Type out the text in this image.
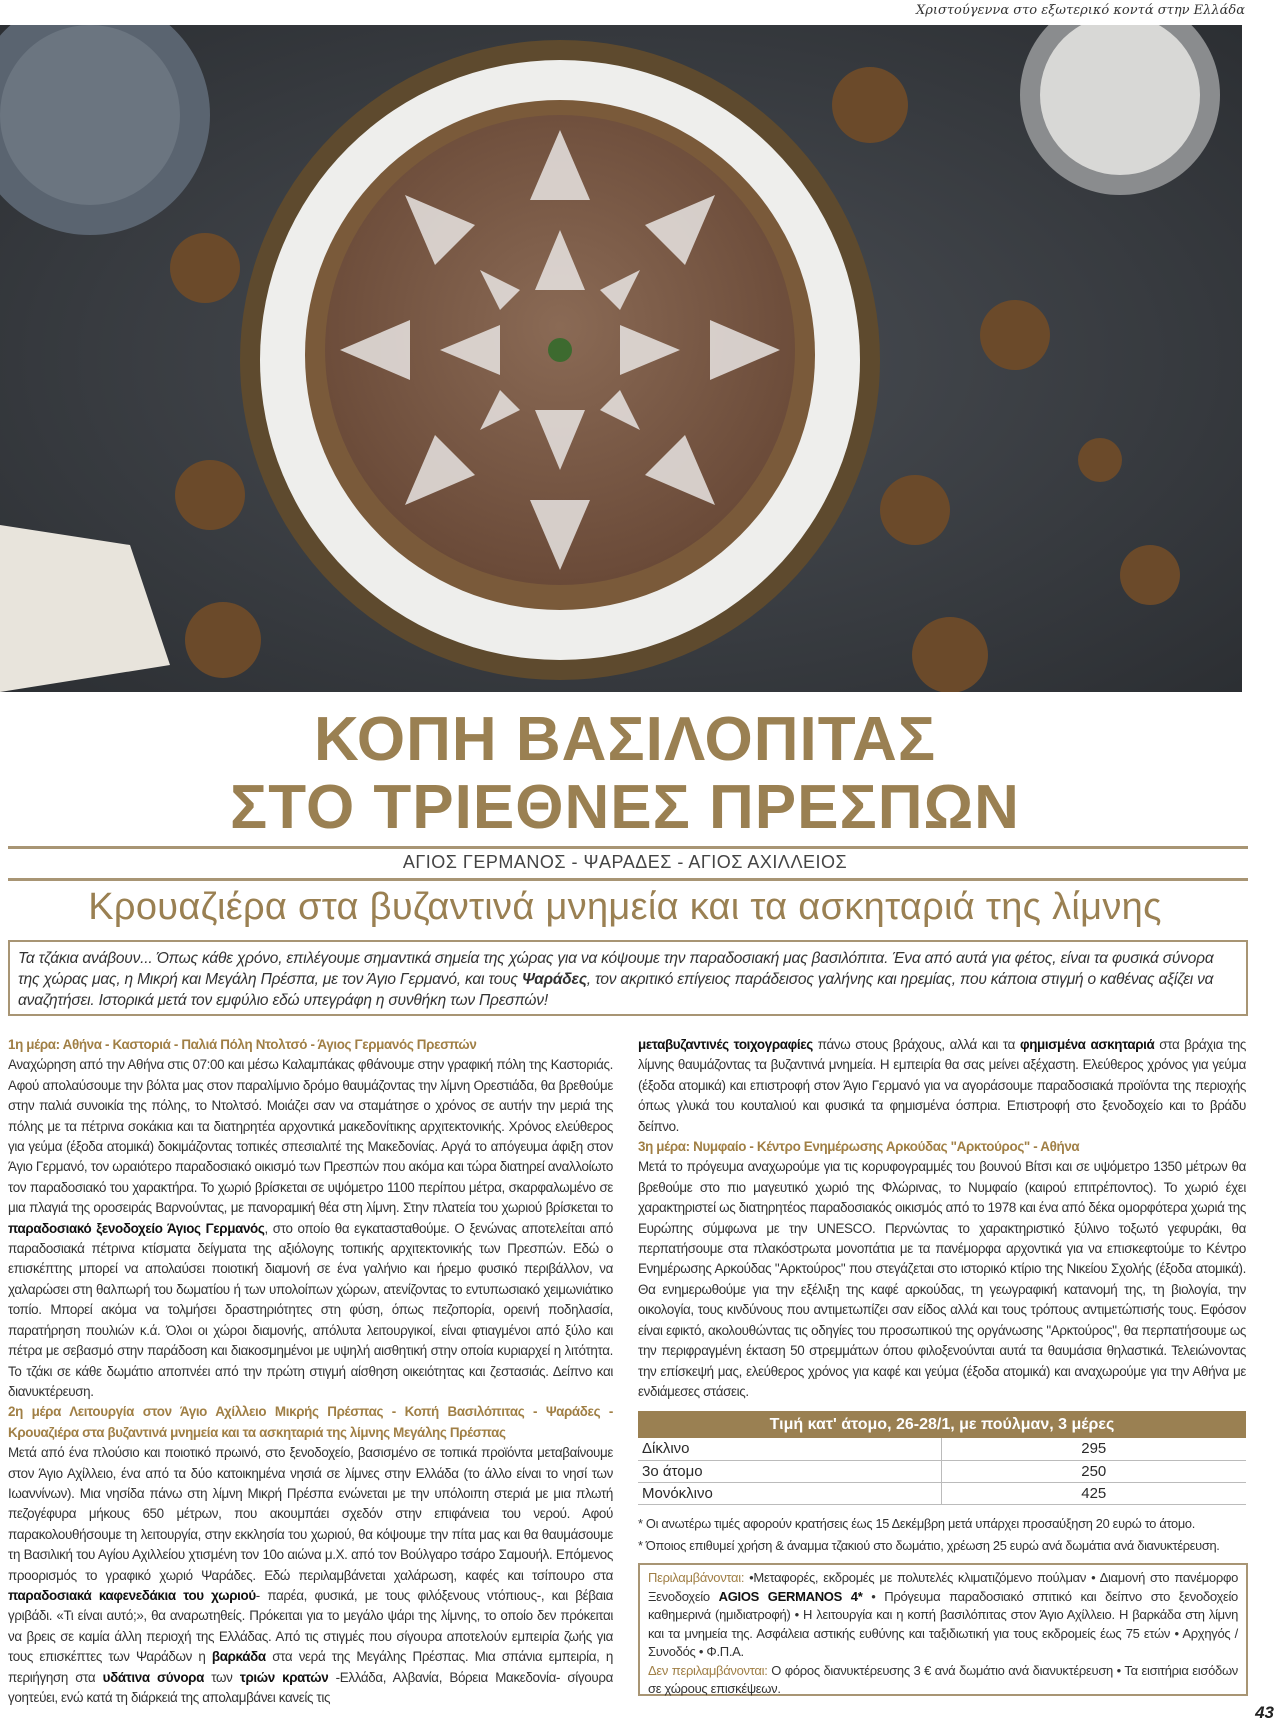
Χριστούγεννα στο εξωτερικό κοντά στην Ελλάδα
ΚΟΠΗ ΒΑΣΙΛΟΠΙΤΑΣ
ΣΤΟ ΤΡΙΕΘΝΕΣ ΠΡΕΣΠΩΝ
ΑΓΙΟΣ ΓΕΡΜΑΝΟΣ - ΨΑΡΑΔΕΣ - ΑΓΙΟΣ ΑΧΙΛΛΕΙΟΣ
Κρουαζιέρα στα βυζαντινά μνημεία και τα ασκηταριά της λίμνης
Τα τζάκια ανάβουν... Όπως κάθε χρόνο, επιλέγουμε σημαντικά σημεία της χώρας για να κόψουμε την παραδοσιακή μας βασιλόπιτα. Ένα από αυτά για φέτος, είναι τα φυσικά σύνορα της χώρας μας, η Μικρή και Μεγάλη Πρέσπα, με τον Άγιο Γερμανό, και τους Ψαράδες, τον ακριτικό επίγειος παράδεισος γαλήνης και ηρεμίας, που κάποια στιγμή ο καθένας αξίζει να αναζητήσει. Ιστορικά μετά τον εμφύλιο εδώ υπεγράφη η συνθήκη των Πρεσπών!
1η μέρα: Αθήνα - Καστοριά - Παλιά Πόλη Ντολτσό - Άγιος Γερμανός Πρεσπών
Αναχώρηση από την Αθήνα στις 07:00 και μέσω Καλαμπάκας φθάνουμε στην γραφική πόλη της Καστοριάς. Αφού απολαύσουμε την βόλτα μας στον παραλίμνιο δρόμο θαυμάζοντας την λίμνη Ορεστιάδα, θα βρεθούμε στην παλιά συνοικία της πόλης, το Ντολτσό. Μοιάζει σαν να σταμάτησε ο χρόνος σε αυτήν την μεριά της πόλης με τα πέτρινα σοκάκια και τα διατηρητέα αρχοντικά μακεδονίτικης αρχιτεκτονικής. Χρόνος ελεύθερος για γεύμα (έξοδα ατομικά) δοκιμάζοντας τοπικές σπεσιαλιτέ της Μακεδονίας. Αργά το απόγευμα άφιξη στον Άγιο Γερμανό, τον ωραιότερο παραδοσιακό οικισμό των Πρεσπών που ακόμα και τώρα διατηρεί αναλλοίωτο τον παραδοσιακό του χαρακτήρα. Το χωριό βρίσκεται σε υψόμετρο 1100 περίπου μέτρα, σκαρφαλωμένο σε μια πλαγιά της οροσειράς Βαρνούντας, με πανοραμική θέα στη λίμνη. Στην πλατεία του χωριού βρίσκεται το παραδοσιακό ξενοδοχείο Άγιος Γερμανός, στο οποίο θα εγκατασταθούμε. Ο ξενώνας αποτελείται από παραδοσιακά πέτρινα κτίσματα δείγματα της αξιόλογης τοπικής αρχιτεκτονικής των Πρεσπών. Εδώ ο επισκέπτης μπορεί να απολαύσει ποιοτική διαμονή σε ένα γαλήνιο και ήρεμο φυσικό περιβάλλον, να χαλαρώσει στη θαλπωρή του δωματίου ή των υπολοίπων χώρων, ατενίζοντας το εντυπωσιακό χειμωνιάτικο τοπίο. Μπορεί ακόμα να τολμήσει δραστηριότητες στη φύση, όπως πεζοπορία, ορεινή ποδηλασία, παρατήρηση πουλιών κ.ά. Όλοι οι χώροι διαμονής, απόλυτα λειτουργικοί, είναι φτιαγμένοι από ξύλο και πέτρα με σεβασμό στην παράδοση και διακοσμημένοι με υψηλή αισθητική στην οποία κυριαρχεί η λιτότητα. Το τζάκι σε κάθε δωμάτιο αποπνέει από την πρώτη στιγμή αίσθηση οικειότητας και ζεστασιάς. Δείπνο και διανυκτέρευση.
2η μέρα Λειτουργία στον Άγιο Αχίλλειο Μικρής Πρέσπας - Κοπή Βασιλόπιτας - Ψαράδες - Κρουαζιέρα στα βυζαντινά μνημεία και τα ασκηταριά της λίμνης Μεγάλης Πρέσπας
Μετά από ένα πλούσιο και ποιοτικό πρωινό, στο ξενοδοχείο, βασισμένο σε τοπικά προϊόντα μεταβαίνουμε στον Άγιο Αχίλλειο, ένα από τα δύο κατοικημένα νησιά σε λίμνες στην Ελλάδα (το άλλο είναι το νησί των Ιωαννίνων). Μια νησίδα πάνω στη λίμνη Μικρή Πρέσπα ενώνεται με την υπόλοιπη στεριά με μια πλωτή πεζογέφυρα μήκους 650 μέτρων, που ακουμπάει σχεδόν στην επιφάνεια του νερού. Αφού παρακολουθήσουμε τη λειτουργία, στην εκκλησία του χωριού, θα κόψουμε την πίτα μας και θα θαυμάσουμε τη Βασιλική του Αγίου Αχιλλείου χτισμένη τον 10ο αιώνα μ.Χ. από τον Βούλγαρο τσάρο Σαμουήλ. Επόμενος προορισμός το γραφικό χωριό Ψαράδες. Εδώ περιλαμβάνεται χαλάρωση, καφές και τσίπουρο στα παραδοσιακά καφενεδάκια του χωριού- παρέα, φυσικά, με τους φιλόξενους ντόπιους-, και βέβαια γριβάδι. «Τι είναι αυτό;», θα αναρωτηθείς. Πρόκειται για το μεγάλο ψάρι της λίμνης, το οποίο δεν πρόκειται να βρεις σε καμία άλλη περιοχή της Ελλάδας. Από τις στιγμές που σίγουρα αποτελούν εμπειρία ζωής για τους επισκέπτες των Ψαράδων η βαρκάδα στα νερά της Μεγάλης Πρέσπας. Μια σπάνια εμπειρία, η περιήγηση στα υδάτινα σύνορα των τριών κρατών -Ελλάδα, Αλβανία, Βόρεια Μακεδονία- σίγουρα γοητεύει, ενώ κατά τη διάρκειά της απολαμβάνει κανείς τις
μεταβυζαντινές τοιχογραφίες πάνω στους βράχους, αλλά και τα φημισμένα ασκηταριά στα βράχια της λίμνης θαυμάζοντας τα βυζαντινά μνημεία. Η εμπειρία θα σας μείνει αξέχαστη. Ελεύθερος χρόνος για γεύμα (έξοδα ατομικά) και επιστροφή στον Άγιο Γερμανό για να αγοράσουμε παραδοσιακά προϊόντα της περιοχής όπως γλυκά του κουταλιού και φυσικά τα φημισμένα όσπρια. Επιστροφή στο ξενοδοχείο και το βράδυ δείπνο.
3η μέρα: Νυμφαίο - Κέντρο Ενημέρωσης Αρκούδας "Αρκτούρος" - Αθήνα
Μετά το πρόγευμα αναχωρούμε για τις κορυφογραμμές του βουνού Βίτσι και σε υψόμετρο 1350 μέτρων θα βρεθούμε στο πιο μαγευτικό χωριό της Φλώρινας, το Νυμφαίο (καιρού επιτρέποντος). Το χωριό έχει χαρακτηριστεί ως διατηρητέος παραδοσιακός οικισμός από το 1978 και ένα από δέκα ομορφότερα χωριά της Ευρώπης σύμφωνα με την UNESCO. Περνώντας το χαρακτηριστικό ξύλινο τοξωτό γεφυράκι, θα περπατήσουμε στα πλακόστρωτα μονοπάτια με τα πανέμορφα αρχοντικά για να επισκεφτούμε το Κέντρο Ενημέρωσης Αρκούδας "Αρκτούρος" που στεγάζεται στο ιστορικό κτίριο της Νικείου Σχολής (έξοδα ατομικά). Θα ενημερωθούμε για την εξέλιξη της καφέ αρκούδας, τη γεωγραφική κατανομή της, τη βιολογία, την οικολογία, τους κινδύνους που αντιμετωπίζει σαν είδος αλλά και τους τρόπους αντιμετώπισής τους. Εφόσον είναι εφικτό, ακολουθώντας τις οδηγίες του προσωπικού της οργάνωσης "Αρκτούρος", θα περπατήσουμε ως την περιφραγμένη έκταση 50 στρεμμάτων όπου φιλοξενούνται αυτά τα θαυμάσια θηλαστικά. Τελειώνοντας την επίσκεψή μας, ελεύθερος χρόνος για καφέ και γεύμα (έξοδα ατομικά) και αναχωρούμε για την Αθήνα με ενδιάμεσες στάσεις.
Τιμή κατ' άτομο, 26-28/1, με πούλμαν, 3 μέρες	
Δίκλινο	295
3ο άτομο	250
Μονόκλινο	425
* Οι ανωτέρω τιμές αφορούν κρατήσεις έως 15 Δεκέμβρη μετά υπάρχει προσαύξηση 20 ευρώ το άτομο.
* Όποιος επιθυμεί χρήση & άναμμα τζακιού στο δωμάτιο, χρέωση 25 ευρώ ανά δωμάτια ανά διανυκτέρευση.
Περιλαμβάνονται: •Μεταφορές, εκδρομές με πολυτελές κλιματιζόμενο πούλμαν • Διαμονή στο πανέμορφο Ξενοδοχείο AGIOS GERMANOS 4* • Πρόγευμα παραδοσιακό σπιτικό και δείπνο στο ξενοδοχείο καθημερινά (ημιδιατροφή) • Η λειτουργία και η κοπή βασιλόπιτας στον Άγιο Αχίλλειο. Η βαρκάδα στη λίμνη και τα μνημεία της. Ασφάλεια αστικής ευθύνης και ταξιδιωτική για τους εκδρομείς έως 75 ετών • Αρχηγός / Συνοδός • Φ.Π.Α.
Δεν περιλαμβάνονται: Ο φόρος διανυκτέρευσης 3 € ανά δωμάτιο ανά διανυκτέρευση • Τα εισιτήρια εισόδων σε χώρους επισκέψεων.
43
